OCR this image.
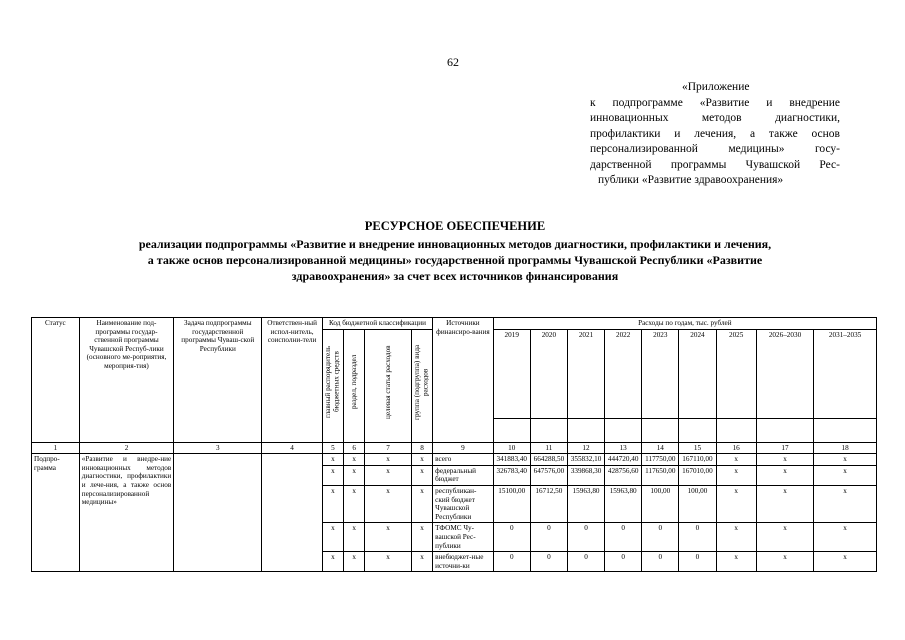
62
«Приложение
к подпрограмме «Развитие и внедрение
инновационных методов диагностики,
профилактики и лечения, а также основ
персонализированной медицины» госу-
дарственной программы Чувашской Рес-
публики «Развитие здравоохранения»
РЕСУРСНОЕ ОБЕСПЕЧЕНИЕ
реализации подпрограммы «Развитие и внедрение инновационных методов диагностики, профилактики и лечения,
а также основ персонализированной медицины» государственной программы Чувашской Республики «Развитие
здравоохранения» за счет всех источников финансирования
Статус	Наименование под-программы государ-ственной программы Чувашской Респуб-лики (основного ме-роприятия, мероприя-тия)	Задача подпрограммы государственной программы Чуваш-ской Республики	Ответствен-ный испол-нитель, соисполни-тели	Код бюджетной классификации				Источники финансиро-вания	Расходы по годам, тыс. рублей								
				главный распорядитель бюджетных средств	раздел, подраздел	целевая статья расходов	группа (подгруппа) вида расходов		2019	2020	2021	2022	2023	2024	2025	2026–2030	2031–2035

1	2	3	4	5	6	7	8	9	10	11	12	13	14	15	16	17	18
Подпро-грамма	«Развитие и внедре-ние инновационных методов диагностики, профилактики и лече-ния, а также основ персонализированной медицины»			х	х	х	х	всего	341883,40	664288,50	355832,10	444720,40	117750,00	167110,00	х	х	х
				х	х	х	х	федеральный бюджет	326783,40	647576,00	339868,30	428756,60	117650,00	167010,00	х	х	х
				х	х	х	х	республикан-ский бюджет Чувашской Республики	15100,00	16712,50	15963,80	15963,80	100,00	100,00	х	х	х
				х	х	х	х	ТФОМС Чу-вашской Рес-публики	0	0	0	0	0	0	х	х	х
				х	х	х	х	внебюджет-ные источни-ки	0	0	0	0	0	0	х	х	х
